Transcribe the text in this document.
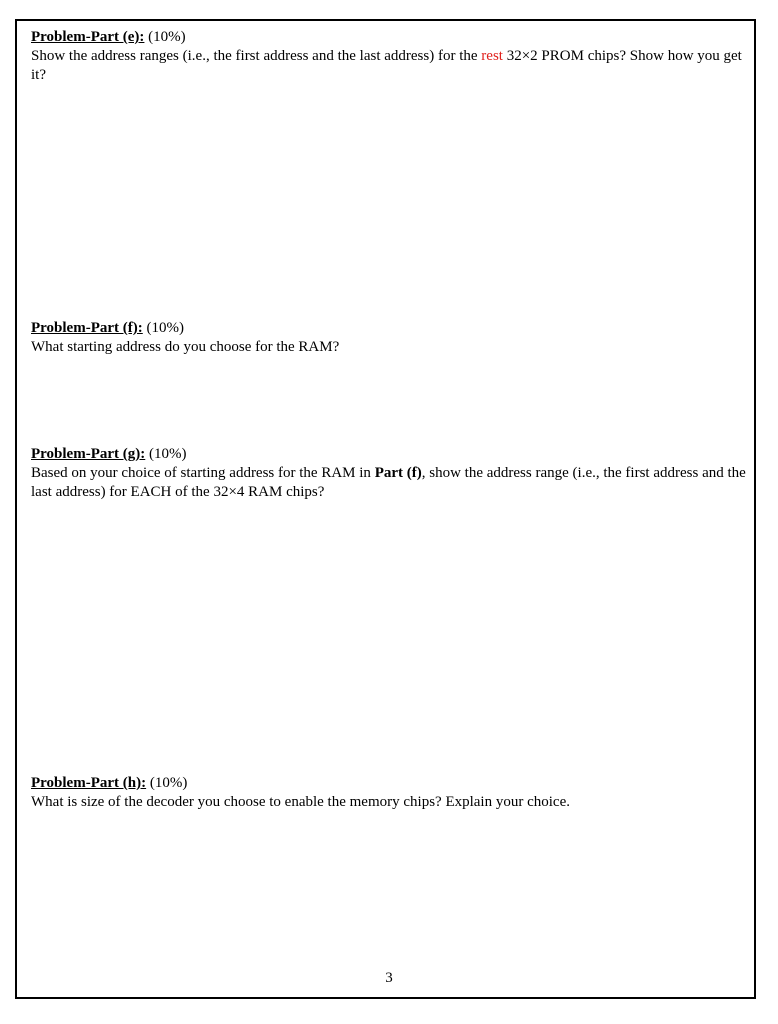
Problem-Part (e): (10%)

Show the address ranges (i.e., the first address and the last address) for the rest 32×2 PROM chips? Show how you get it?

Problem-Part (f): (10%)

What starting address do you choose for the RAM?

Problem-Part (g): (10%)

Based on your choice of starting address for the RAM in Part (f), show the address range (i.e., the first address and the last address) for EACH of the 32×4 RAM chips?

Problem-Part (h): (10%)

What is size of the decoder you choose to enable the memory chips? Explain your choice.

3
